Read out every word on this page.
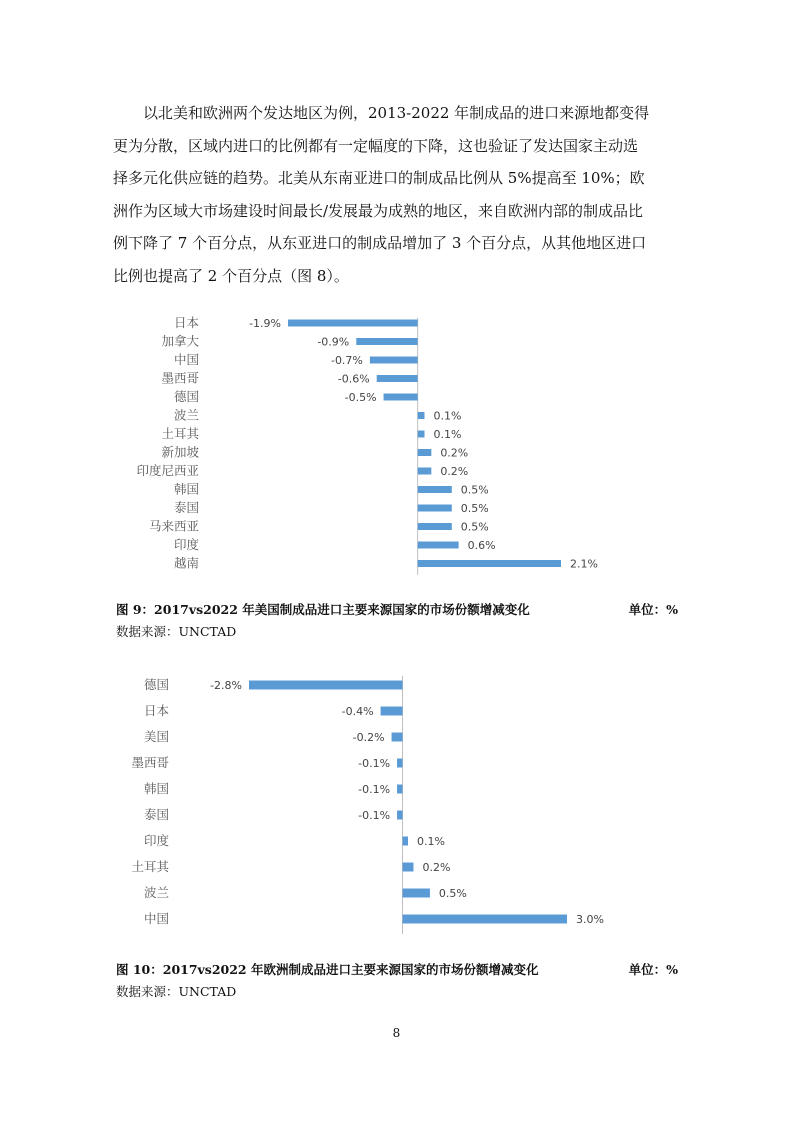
以北美和欧洲两个发达地区为例，2013-2022 年制成品的进口来源地都变得
更为分散，区域内进口的比例都有一定幅度的下降，这也验证了发达国家主动选
择多元化供应链的趋势。北美从东南亚进口的制成品比例从 5%提高至 10%；欧
洲作为区域大市场建设时间最长/发展最为成熟的地区，来自欧洲内部的制成品比
例下降了 7 个百分点，从东亚进口的制成品增加了 3 个百分点，从其他地区进口
比例也提高了 2 个百分点（图 8）。
日本	-1.9%
加拿大	-0.9%
中国	-0.7%
墨西哥	-0.6%
德国	-0.5%
波兰	0.1%
土耳其	0.1%
新加坡	0.2%
印度尼西亚	0.2%
韩国	0.5%
泰国	0.5%
马来西亚	0.5%
印度	0.6%
越南	2.1%
图 9：2017vs2022 年美国制成品进口主要来源国家的市场份额增减变化	单位：%
数据来源：UNCTAD
德国	-2.8%
日本	-0.4%
美国	-0.2%
墨西哥	-0.1%
韩国	-0.1%
泰国	-0.1%
印度	0.1%
土耳其	0.2%
波兰	0.5%
中国	3.0%
图 10：2017vs2022 年欧洲制成品进口主要来源国家的市场份额增减变化	单位：%
数据来源：UNCTAD
8
